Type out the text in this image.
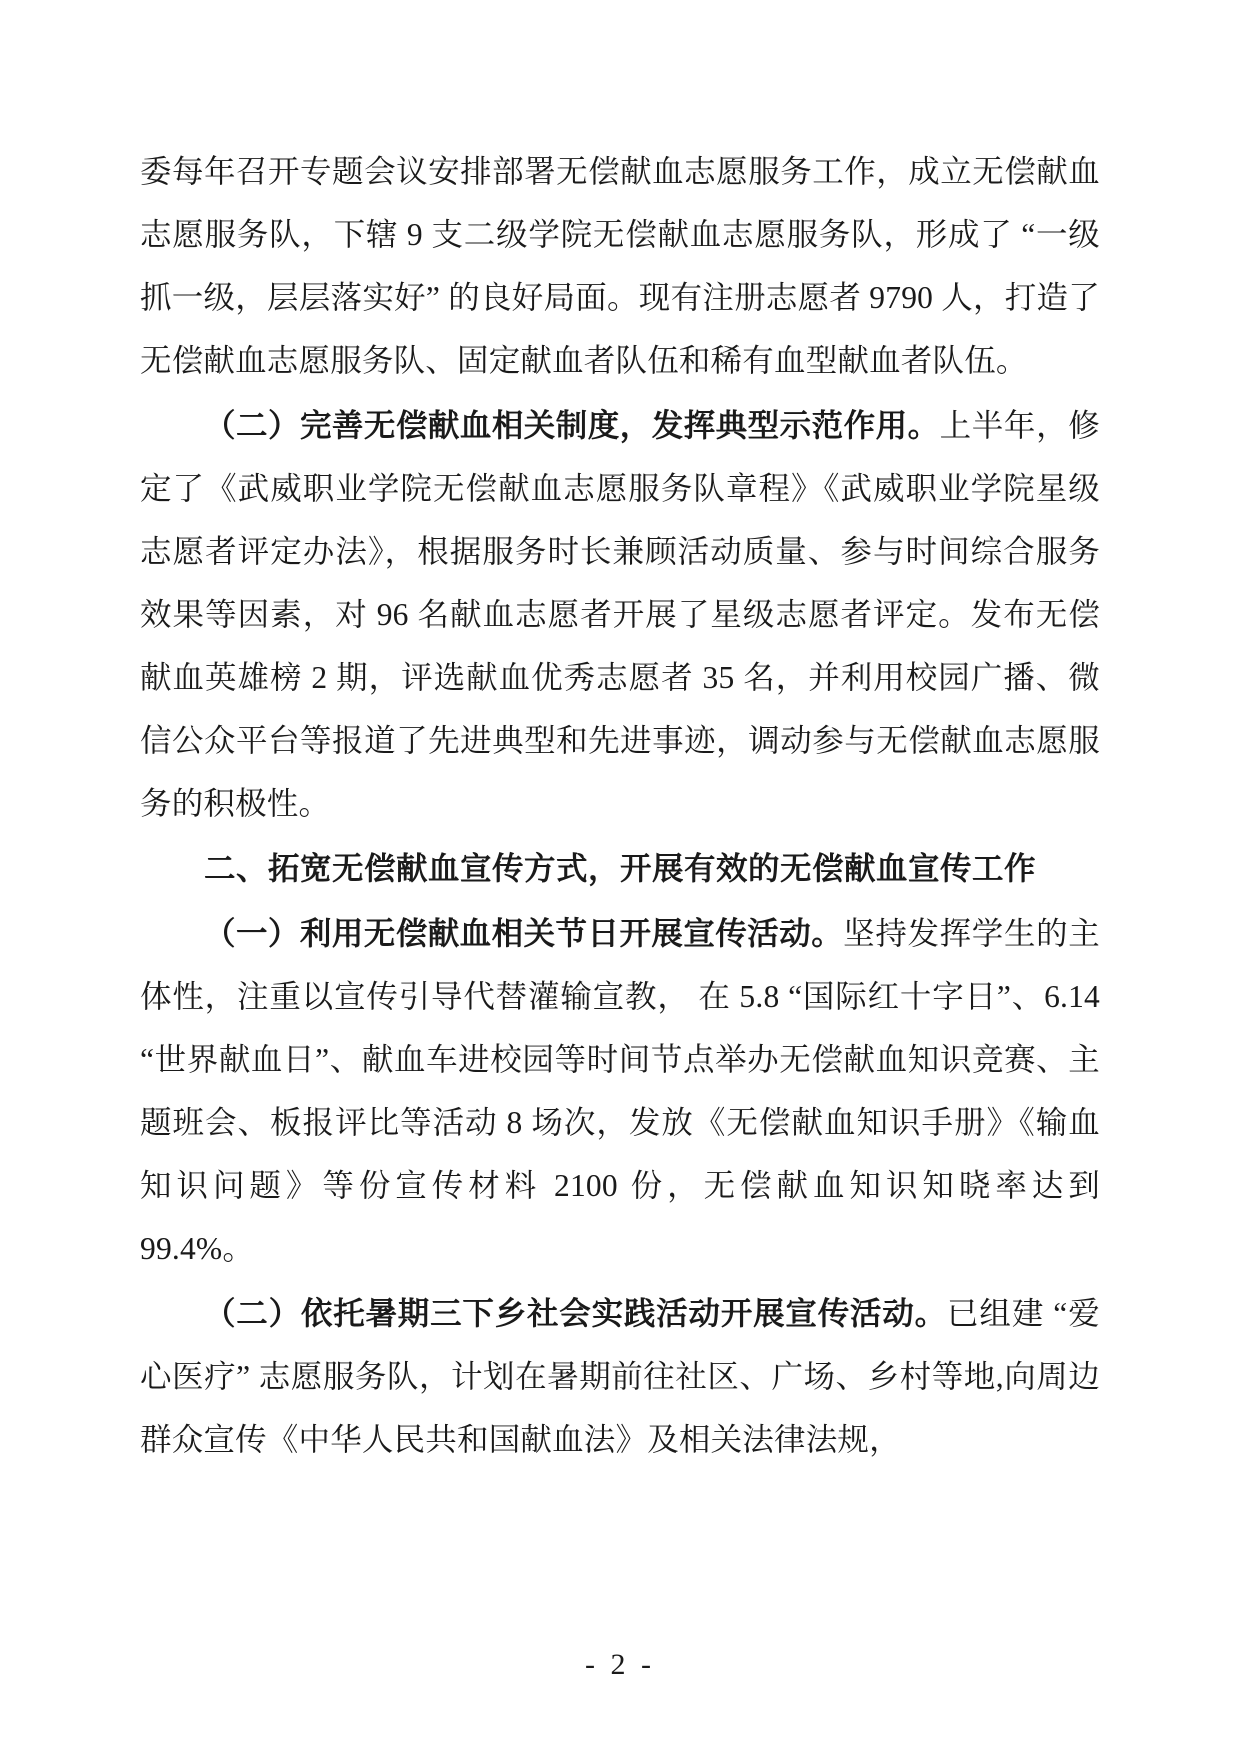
委每年召开专题会议安排部署无偿献血志愿服务工作，成立无偿献血志愿服务队，下辖 9 支二级学院无偿献血志愿服务队，形成了 “一级抓一级，层层落实好” 的良好局面。现有注册志愿者 9790 人，打造了无偿献血志愿服务队、固定献血者队伍和稀有血型献血者队伍。

（二）完善无偿献血相关制度，发挥典型示范作用。上半年，修定了《武威职业学院无偿献血志愿服务队章程》《武威职业学院星级志愿者评定办法》，根据服务时长兼顾活动质量、参与时间综合服务效果等因素，对 96 名献血志愿者开展了星级志愿者评定。发布无偿献血英雄榜 2 期，评选献血优秀志愿者 35 名，并利用校园广播、微信公众平台等报道了先进典型和先进事迹，调动参与无偿献血志愿服务的积极性。

二、拓宽无偿献血宣传方式，开展有效的无偿献血宣传工作

（一）利用无偿献血相关节日开展宣传活动。坚持发挥学生的主体性，注重以宣传引导代替灌输宣教， 在 5.8 “国际红十字日”、6.14 “世界献血日”、献血车进校园等时间节点举办无偿献血知识竞赛、主题班会、板报评比等活动 8 场次，发放《无偿献血知识手册》《输血知识问题》等份宣传材料 2100 份，无偿献血知识知晓率达到 99.4%。

（二）依托暑期三下乡社会实践活动开展宣传活动。已组建 “爱心医疗” 志愿服务队，计划在暑期前往社区、广场、乡村等地,向周边群众宣传《中华人民共和国献血法》及相关法律法规，

- 2 -
